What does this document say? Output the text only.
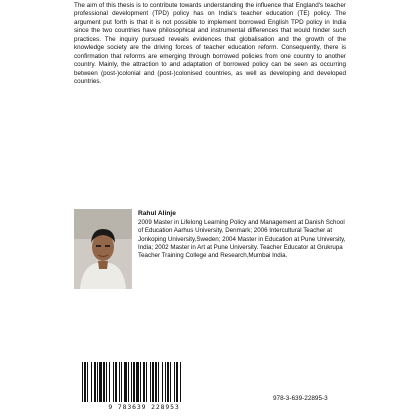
The aim of this thesis is to contribute towards understanding the influence that England's teacher professional development (TPD) policy has on India's teacher education (TE) policy. The argument put forth is that it is not possible to implement borrowed English TPD policy in India since the two countries have philosophical and instrumental differences that would hinder such practices. The inquiry pursued reveals evidences that globalisation and the growth of the knowledge society are the driving forces of teacher education reform. Consequently, there is confirmation that reforms are emerging through borrowed policies from one country to another country. Mainly, the attraction to and adaptation of borrowed policy can be seen as occurring between (post-)colonial and (post-)colonised countries, as well as developing and developed countries.

Rahul Alinje

2009 Master in Lifelong Learning Policy and Management at Danish School of Education Aarhus University, Denmark; 2006 Intercultural Teacher at Jonkoping University,Sweden; 2004 Master in Education at Pune University, India; 2002 Master in Art at Pune University. Teacher Educator at Grukrupa Teacher Training College and Research,Mumbai India.

9 783639 228953

978-3-639-22895-3
